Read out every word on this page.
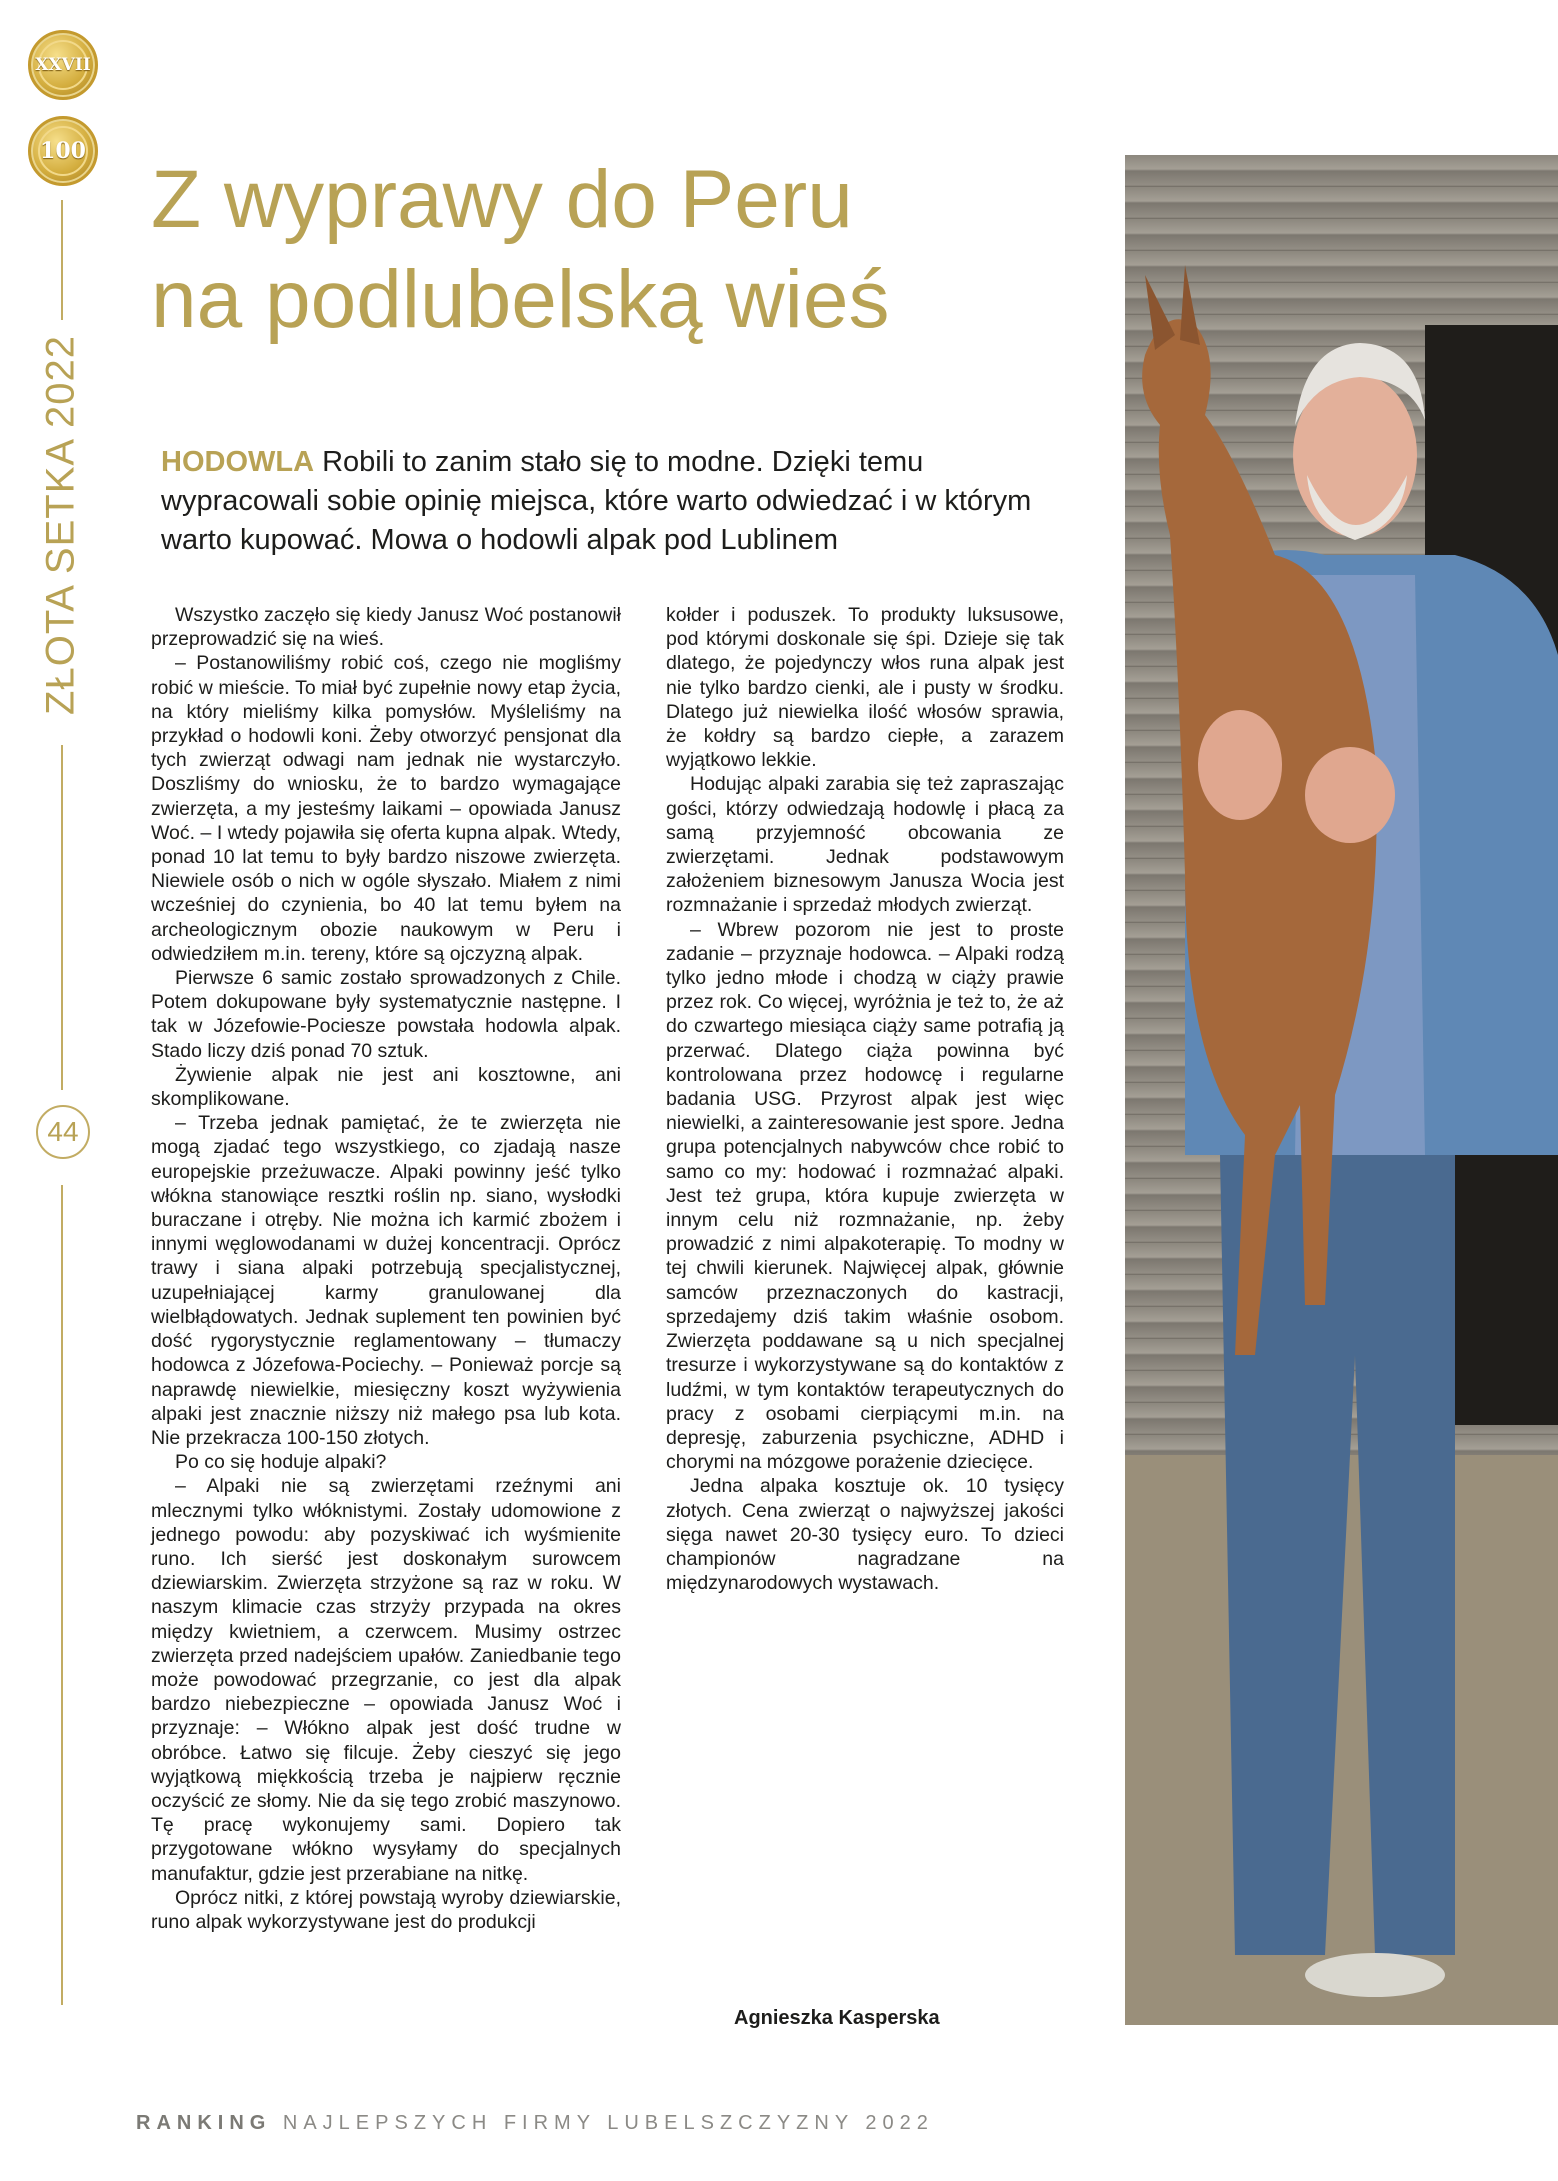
XXVII
100
ZŁOTA SETKA 2022
44
Z wyprawy do Peru
na podlubelską wieś

HODOWLA Robili to zanim stało się to modne. Dzięki temu wypracowali sobie opinię miejsca, które warto odwiedzać i w którym warto kupować. Mowa o hodowli alpak pod Lublinem

Wszystko zaczęło się kiedy Janusz Woć postanowił przeprowadzić się na wieś.

– Postanowiliśmy robić coś, czego nie mogliśmy robić w mieście. To miał być zupełnie nowy etap życia, na który mieliśmy kilka pomysłów. Myśleliśmy na przykład o hodowli koni. Żeby otworzyć pensjonat dla tych zwierząt odwagi nam jednak nie wystarczyło. Doszliśmy do wniosku, że to bardzo wymagające zwierzęta, a my jesteśmy laikami – opowiada Janusz Woć. – I wtedy pojawiła się oferta kupna alpak. Wtedy, ponad 10 lat temu to były bardzo niszowe zwierzęta. Niewiele osób o nich w ogóle słyszało. Miałem z nimi wcześniej do czynienia, bo 40 lat temu byłem na archeologicznym obozie naukowym w Peru i odwiedziłem m.in. tereny, które są ojczyzną alpak.

Pierwsze 6 samic zostało sprowadzonych z Chile. Potem dokupowane były systematycznie następne. I tak w Józefowie-Pociesze powstała hodowla alpak. Stado liczy dziś ponad 70 sztuk.

Żywienie alpak nie jest ani kosztowne, ani skomplikowane.

– Trzeba jednak pamiętać, że te zwierzęta nie mogą zjadać tego wszystkiego, co zjadają nasze europejskie przeżuwacze. Alpaki powinny jeść tylko włókna stanowiące resztki roślin np. siano, wysłodki buraczane i otręby. Nie można ich karmić zbożem i innymi węglowodanami w dużej koncentracji. Oprócz trawy i siana alpaki potrzebują specjalistycznej, uzupełniającej karmy granulowanej dla wielbłądowatych. Jednak suplement ten powinien być dość rygorystycznie reglamentowany – tłumaczy hodowca z Józefowa-Pociechy. – Ponieważ porcje są naprawdę niewielkie, miesięczny koszt wyżywienia alpaki jest znacznie niższy niż małego psa lub kota. Nie przekracza 100-150 złotych.

Po co się hoduje alpaki?

– Alpaki nie są zwierzętami rzeźnymi ani mlecznymi tylko włóknistymi. Zostały udomowione z jednego powodu: aby pozyskiwać ich wyśmienite runo. Ich sierść jest doskonałym surowcem dziewiarskim. Zwierzęta strzyżone są raz w roku. W naszym klimacie czas strzyży przypada na okres między kwietniem, a czerwcem. Musimy ostrzec zwierzęta przed nadejściem upałów. Zaniedbanie tego może powodować przegrzanie, co jest dla alpak bardzo niebezpieczne – opowiada Janusz Woć i przyznaje: – Włókno alpak jest dość trudne w obróbce. Łatwo się filcuje. Żeby cieszyć się jego wyjątkową miękkością trzeba je najpierw ręcznie oczyścić ze słomy. Nie da się tego zrobić maszynowo. Tę pracę wykonujemy sami. Dopiero tak przygotowane włókno wysyłamy do specjalnych manufaktur, gdzie jest przerabiane na nitkę.

Oprócz nitki, z której powstają wyroby dziewiarskie, runo alpak wykorzystywane jest do produkcji

kołder i poduszek. To produkty luksusowe, pod którymi doskonale się śpi. Dzieje się tak dlatego, że pojedynczy włos runa alpak jest nie tylko bardzo cienki, ale i pusty w środku. Dlatego już niewielka ilość włosów sprawia, że kołdry są bardzo ciepłe, a zarazem wyjątkowo lekkie.

Hodując alpaki zarabia się też zapraszając gości, którzy odwiedzają hodowlę i płacą za samą przyjemność obcowania ze zwierzętami. Jednak podstawowym założeniem biznesowym Janusza Wocia jest rozmnażanie i sprzedaż młodych zwierząt.

– Wbrew pozorom nie jest to proste zadanie – przyznaje hodowca. – Alpaki rodzą tylko jedno młode i chodzą w ciąży prawie przez rok. Co więcej, wyróżnia je też to, że aż do czwartego miesiąca ciąży same potrafią ją przerwać. Dlatego ciąża powinna być kontrolowana przez hodowcę i regularne badania USG. Przyrost alpak jest więc niewielki, a zainteresowanie jest spore. Jedna grupa potencjalnych nabywców chce robić to samo co my: hodować i rozmnażać alpaki. Jest też grupa, która kupuje zwierzęta w innym celu niż rozmnażanie, np. żeby prowadzić z nimi alpakoterapię. To modny w tej chwili kierunek. Najwięcej alpak, głównie samców przeznaczonych do kastracji, sprzedajemy dziś takim właśnie osobom. Zwierzęta poddawane są u nich specjalnej tresurze i wykorzystywane są do kontaktów z ludźmi, w tym kontaktów terapeutycznych do pracy z osobami cierpiącymi m.in. na depresję, zaburzenia psychiczne, ADHD i chorymi na mózgowe porażenie dziecięce.

Jedna alpaka kosztuje ok. 10 tysięcy złotych. Cena zwierząt o najwyższej jakości sięga nawet 20-30 tysięcy euro. To dzieci championów nagradzane na międzynarodowych wystawach.

Agnieszka Kasperska
RANKING NAJLEPSZYCH FIRMY LUBELSZCZYZNY 2022
